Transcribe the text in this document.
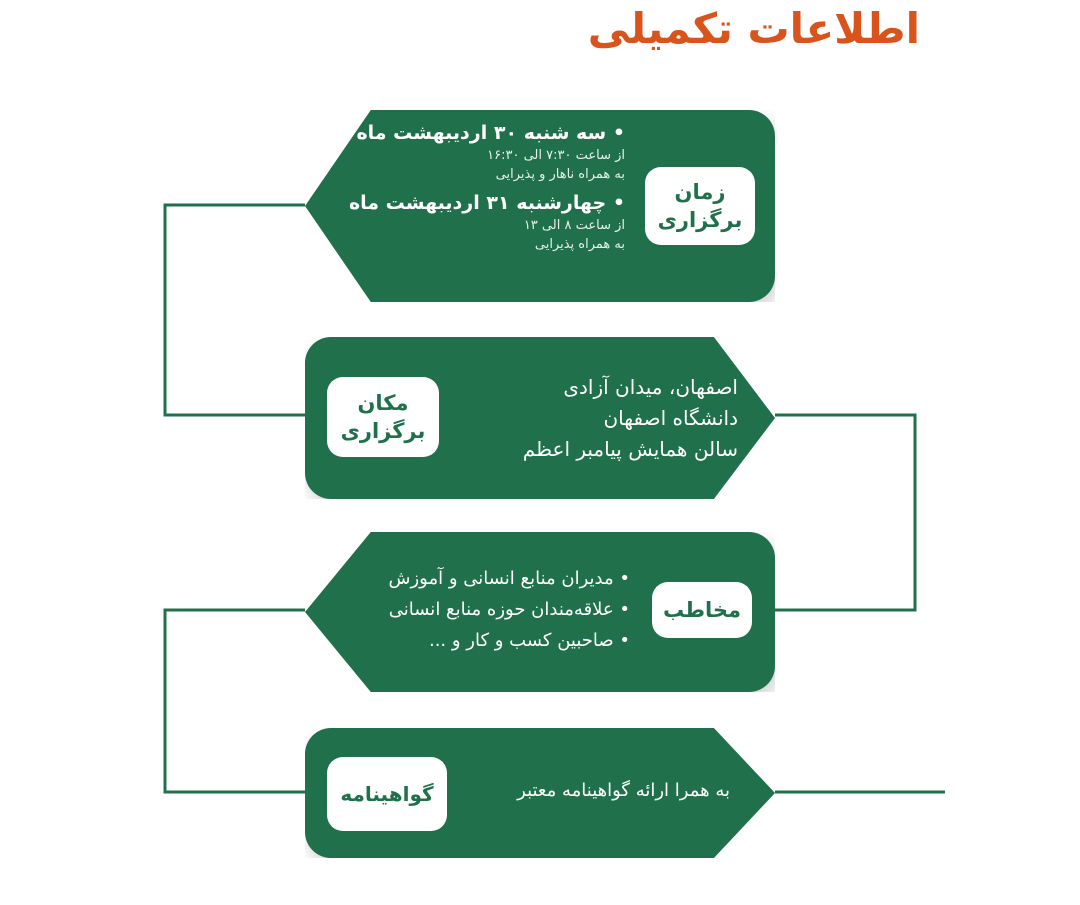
اطلاعات تکمیلی
زمان
برگزاری
• سه شنبه ۳۰ اردیبهشت ماه
از ساعت ۷:۳۰ الی ۱۶:۳۰
به همراه ناهار و پذیرایی
• چهارشنبه ۳۱ اردیبهشت ماه
از ساعت ۸ الی ۱۳
به همراه پذیرایی
مکان
برگزاری
اصفهان، میدان آزادی
دانشگاه اصفهان
سالن همایش پیامبر اعظم
مخاطب
• مدیران منابع انسانی و آموزش
• علاقه‌مندان حوزه منابع انسانی
• صاحبین کسب و کار و ...
گواهینامه	به همرا ارائه گواهینامه معتبر
